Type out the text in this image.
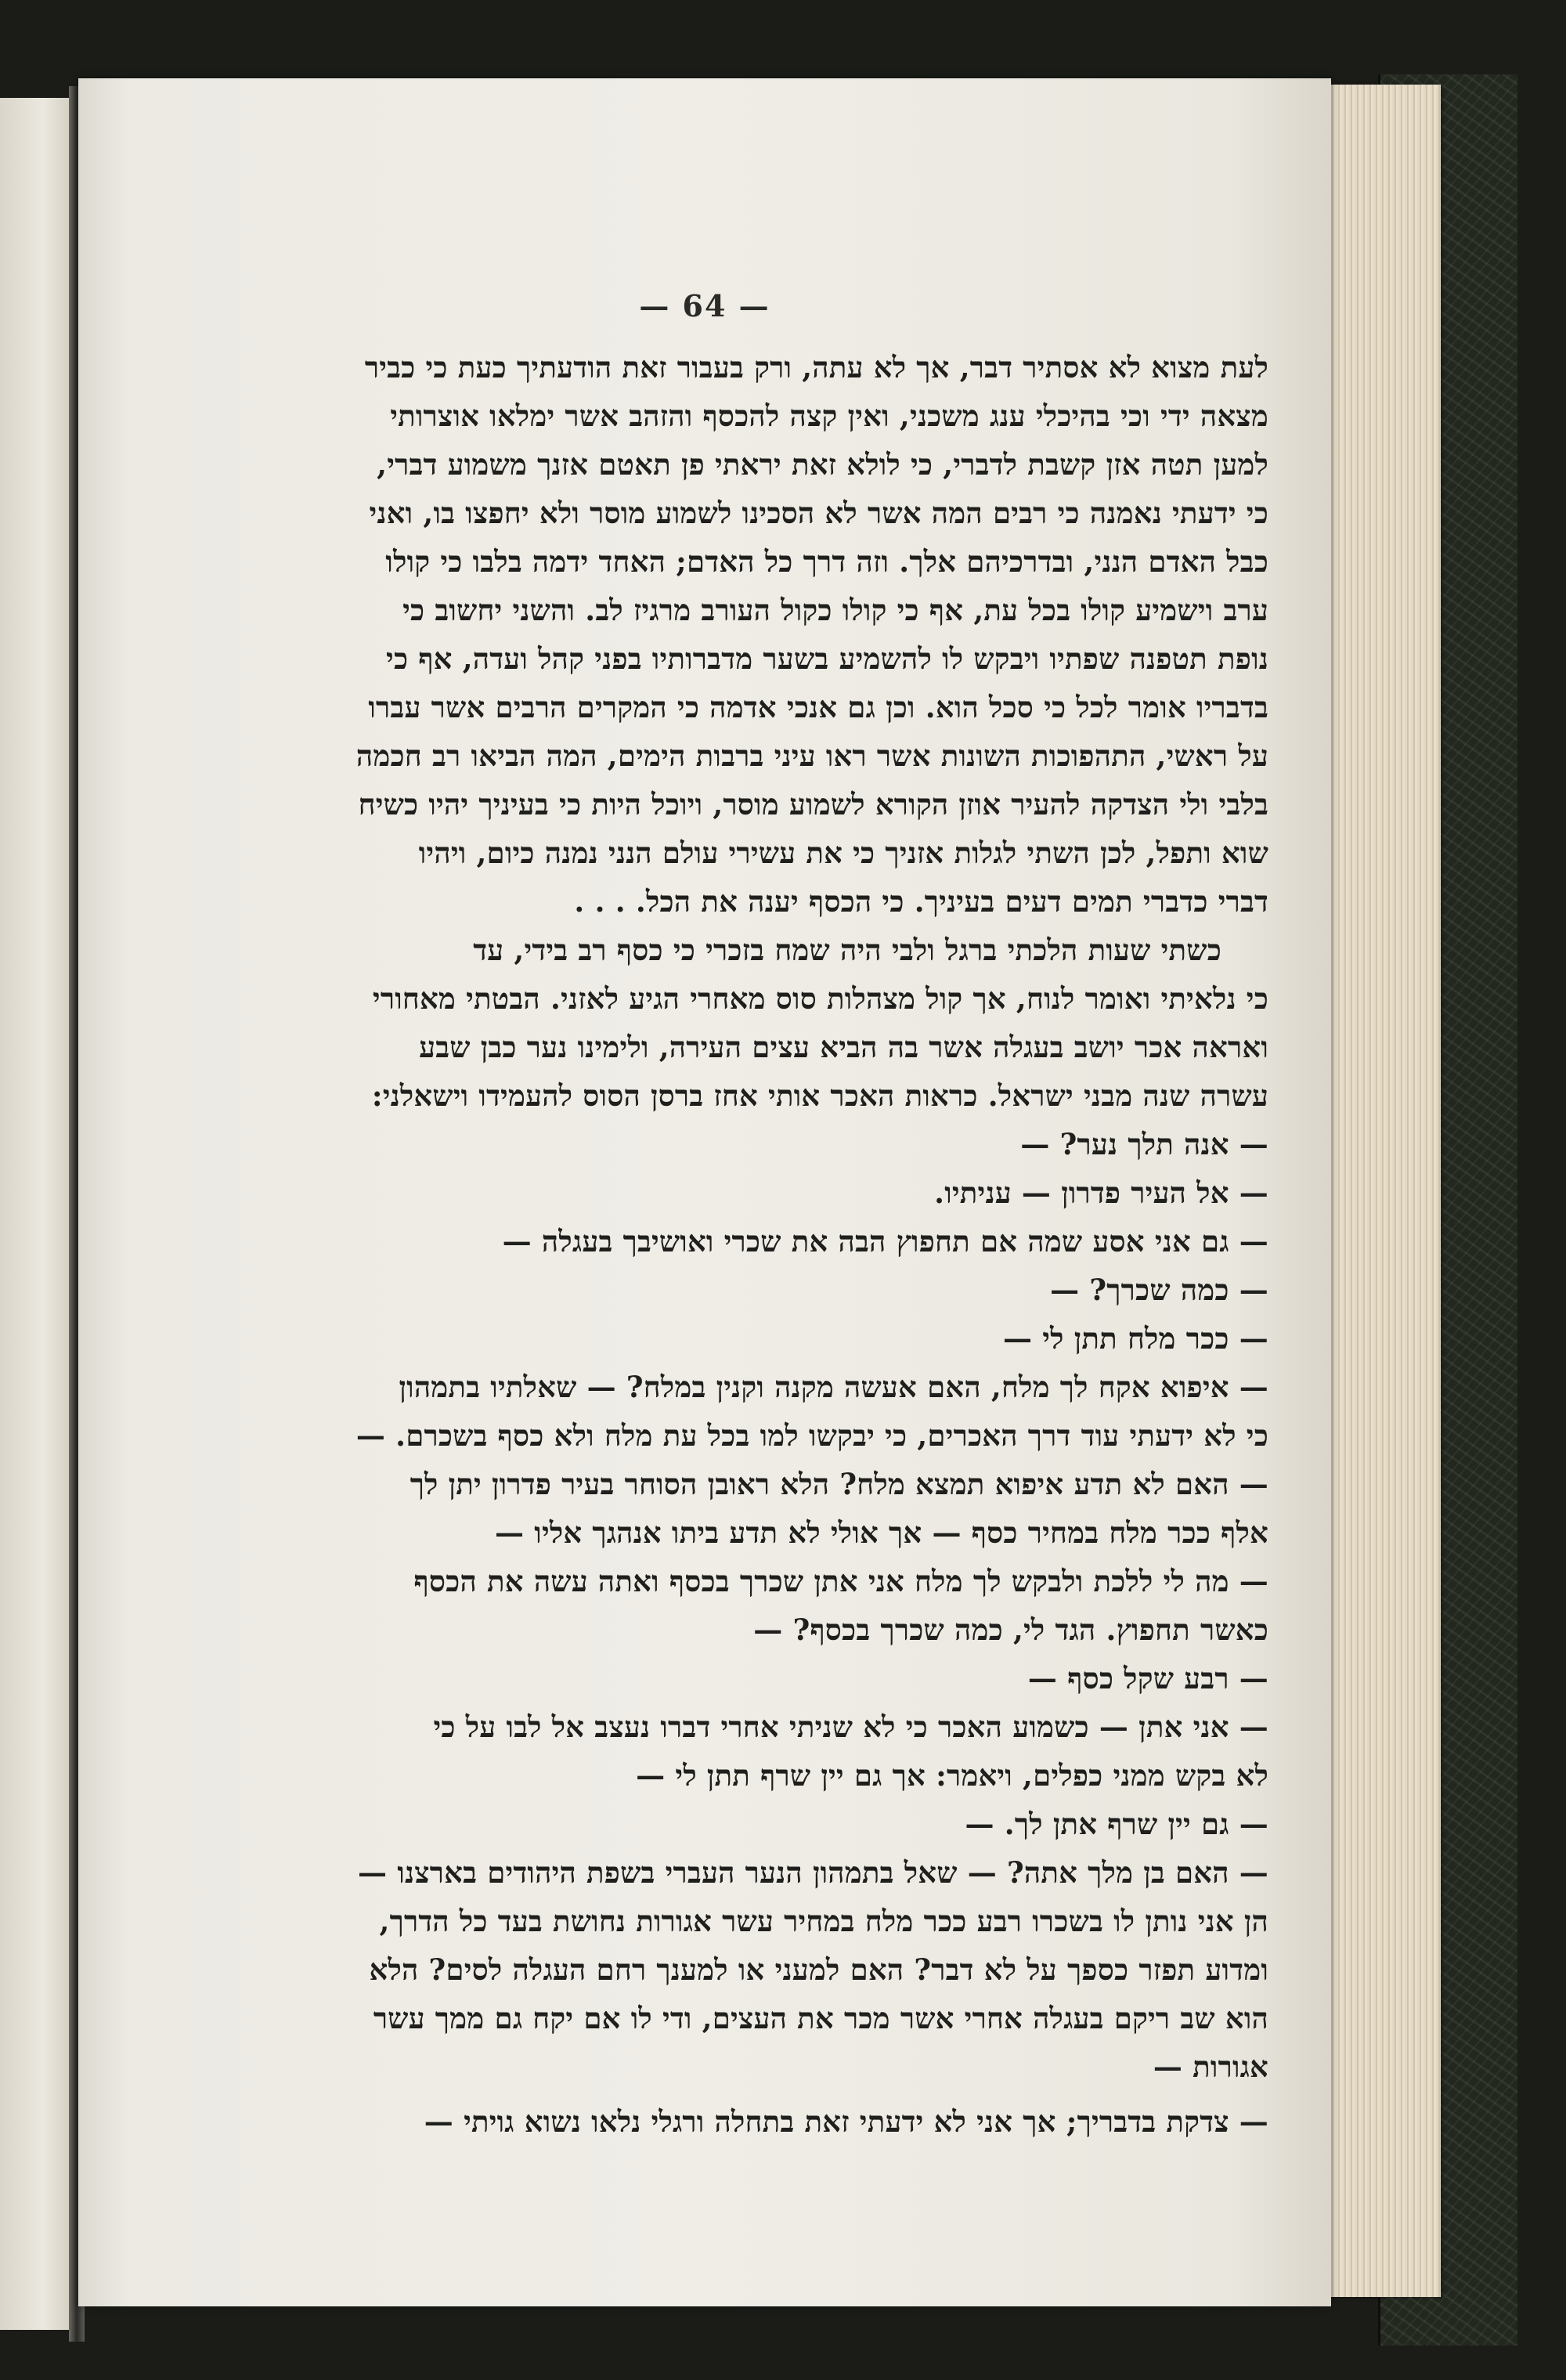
— 64 —
לעת מצוא לא אסתיר דבר, אך לא עתה, ורק בעבור זאת הודעתיך כעת כי כביר
מצאה ידי וכי בהיכלי ענג משכני, ואין קצה להכסף והזהב אשר ימלאו אוצרותי
למען תטה אזן קשבת לדברי, כי לולא זאת יראתי פן תאטם אזנך משמוע דברי,
כי ידעתי נאמנה כי רבים המה אשר לא הסכינו לשמוע מוסר ולא יחפצו בו, ואני
כבל האדם הנני, ובדרכיהם אלך. וזה דרך כל האדם; האחד ידמה בלבו כי קולו
ערב וישמיע קולו בכל עת, אף כי קולו כקול העורב מרגיז לב. והשני יחשוב כי
נופת תטפנה שפתיו ויבקש לו להשמיע בשער מדברותיו בפני קהל ועדה, אף כי
בדבריו אומר לכל כי סכל הוא. וכן גם אנכי אדמה כי המקרים הרבים אשר עברו
על ראשי, התהפוכות השונות אשר ראו עיני ברבות הימים, המה הביאו רב חכמה
בלבי ולי הצדקה להעיר אוזן הקורא לשמוע מוסר, ויוכל היות כי בעיניך יהיו כשיח
שוא ותפל, לכן השתי לגלות אזניך כי את עשירי עולם הנני נמנה כיום, ויהיו
דברי כדברי תמים דעים בעיניך. כי הכסף יענה את הכל. . . .
כשתי שעות הלכתי ברגל ולבי היה שמח בזכרי כי כסף רב בידי, עד
כי נלאיתי ואומר לנוח, אך קול מצהלות סוס מאחרי הגיע לאזני. הבטתי מאחורי
ואראה אכר יושב בעגלה אשר בה הביא עצים העירה, ולימינו נער כבן שבע
עשרה שנה מבני ישראל. כראות האכר אותי אחז ברסן הסוס להעמידו וישאלני:
— אנה תלך נער? —
— אל העיר פדרון — עניתיו.
— גם אני אסע שמה אם תחפוץ הבה את שכרי ואושיבך בעגלה —
— כמה שכרך? —
— ככר מלח תתן לי —
— איפוא אקח לך מלח, האם אעשה מקנה וקנין במלח? — שאלתיו בתמהון
כי לא ידעתי עוד דרך האכרים, כי יבקשו למו בכל עת מלח ולא כסף בשכרם. —
— האם לא תדע איפוא תמצא מלח? הלא ראובן הסוחר בעיר פדרון יתן לך
אלף ככר מלח במחיר כסף — אך אולי לא תדע ביתו אנהגך אליו —
— מה לי ללכת ולבקש לך מלח אני אתן שכרך בכסף ואתה עשה את הכסף
כאשר תחפוץ. הגד לי, כמה שכרך בכסף? —
— רבע שקל כסף —
— אני אתן — כשמוע האכר כי לא שניתי אחרי דברו נעצב אל לבו על כי
לא בקש ממני כפלים, ויאמר: אך גם יין שרף תתן לי —
— גם יין שרף אתן לך. —
— האם בן מלך אתה? — שאל בתמהון הנער העברי בשפת היהודים בארצנו —
הן אני נותן לו בשכרו רבע ככר מלח במחיר עשר אגורות נחושת בעד כל הדרך,
ומדוע תפזר כספך על לא דבר? האם למעני או למענך רחם העגלה לסים? הלא
הוא שב ריקם בעגלה אחרי אשר מכר את העצים, ודי לו אם יקח גם ממך עשר
אגורות —
— צדקת בדבריך; אך אני לא ידעתי זאת בתחלה ורגלי נלאו נשוא גויתי —
